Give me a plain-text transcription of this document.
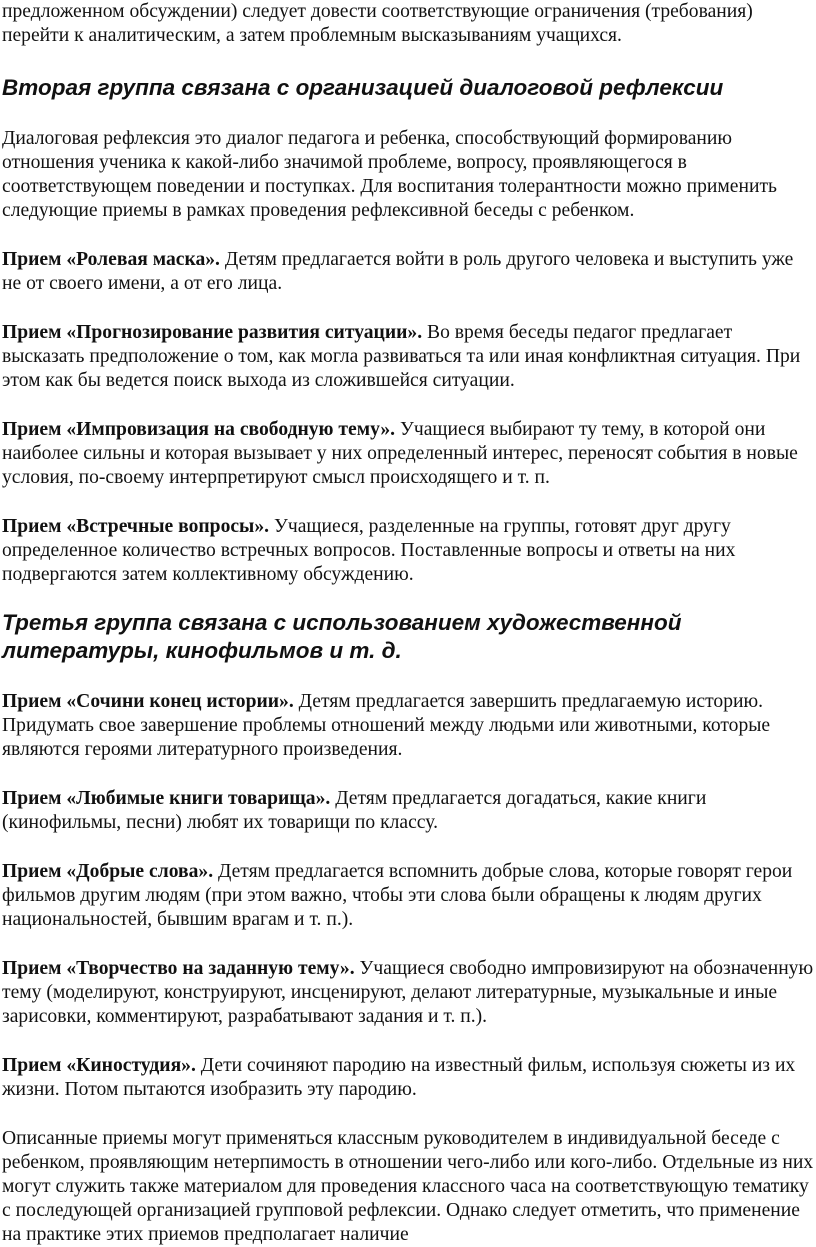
предложенном обсуждении) следует довести соответствующие ограничения (требования) перейти к аналитическим, а затем проблемным высказываниям учащихся.

Вторая группа связана с организацией диалоговой рефлексии

Диалоговая рефлексия это диалог педагога и ребенка, способствующий формированию отношения ученика к какой-либо значимой проблеме, вопросу, проявляющегося в соответствующем поведении и поступках. Для воспитания толерантности можно применить следующие приемы в рамках проведения рефлексивной беседы с ребенком.

Прием «Ролевая маска». Детям предлагается войти в роль другого человека и выступить уже не от своего имени, а от его лица.

Прием «Прогнозирование развития ситуации». Во время беседы педагог предлагает высказать предположение о том, как могла развиваться та или иная конфликтная ситуация. При этом как бы ведется поиск выхода из сложившейся ситуации.

Прием «Импровизация на свободную тему». Учащиеся выбирают ту тему, в которой они наиболее сильны и которая вызывает у них определенный интерес, переносят события в новые условия, по-своему интерпретируют смысл происходящего и т. п.

Прием «Встречные вопросы». Учащиеся, разделенные на группы, готовят друг другу определенное количество встречных вопросов. Поставленные вопросы и ответы на них подвергаются затем коллективному обсуждению.

Третья группа связана с использованием художественной литературы, кинофильмов и т. д.

Прием «Сочини конец истории». Детям предлагается завершить предлагаемую историю. Придумать свое завершение проблемы отношений между людьми или животными, которые являются героями литературного произведения.

Прием «Любимые книги товарища». Детям предлагается догадаться, какие книги (кинофильмы, песни) любят их товарищи по классу.

Прием «Добрые слова». Детям предлагается вспомнить добрые слова, которые говорят герои фильмов другим людям (при этом важно, чтобы эти слова были обращены к людям других национальностей, бывшим врагам и т. п.).

Прием «Творчество на заданную тему». Учащиеся свободно импровизируют на обозначенную тему (моделируют, конструируют, инсценируют, делают литературные, музыкальные и иные зарисовки, комментируют, разрабатывают задания и т. п.).

Прием «Киностудия». Дети сочиняют пародию на известный фильм, используя сюжеты из их жизни. Потом пытаются изобразить эту пародию.

Описанные приемы могут применяться классным руководителем в индивидуальной беседе с ребенком, проявляющим нетерпимость в отношении чего-либо или кого-либо. Отдельные из них могут служить также материалом для проведения классного часа на соответствующую тематику с последующей организацией групповой рефлексии. Однако следует отметить, что применение на практике этих приемов предполагает наличие
